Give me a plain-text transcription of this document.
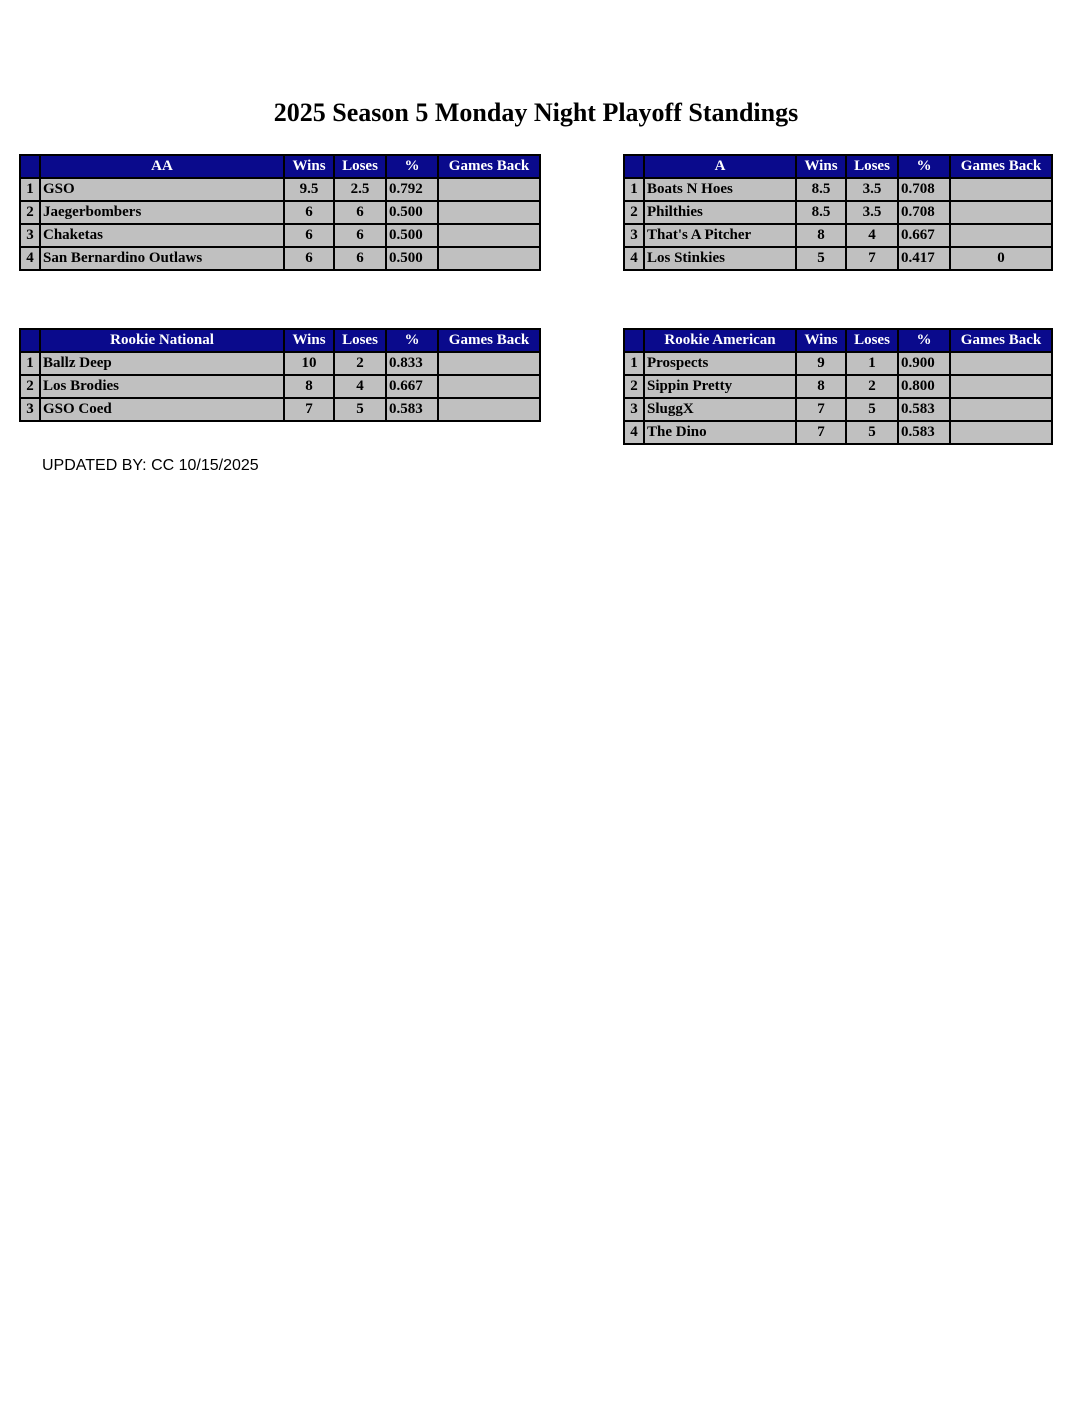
2025 Season 5 Monday Night Playoff Standings
	AA	Wins	Loses	%	Games Back
1	GSO	9.5	2.5	0.792	
2	Jaegerbombers	6	6	0.500	
3	Chaketas	6	6	0.500	
4	San Bernardino Outlaws	6	6	0.500	
	A	Wins	Loses	%	Games Back
1	Boats N Hoes	8.5	3.5	0.708	
2	Philthies	8.5	3.5	0.708	
3	That's A Pitcher	8	4	0.667	
4	Los Stinkies	5	7	0.417	0
	Rookie National	Wins	Loses	%	Games Back
1	Ballz Deep	10	2	0.833	
2	Los Brodies	8	4	0.667	
3	GSO Coed	7	5	0.583	
	Rookie American	Wins	Loses	%	Games Back
1	Prospects	9	1	0.900	
2	Sippin Pretty	8	2	0.800	
3	SluggX	7	5	0.583	
4	The Dino	7	5	0.583	
UPDATED BY: CC 10/15/2025
